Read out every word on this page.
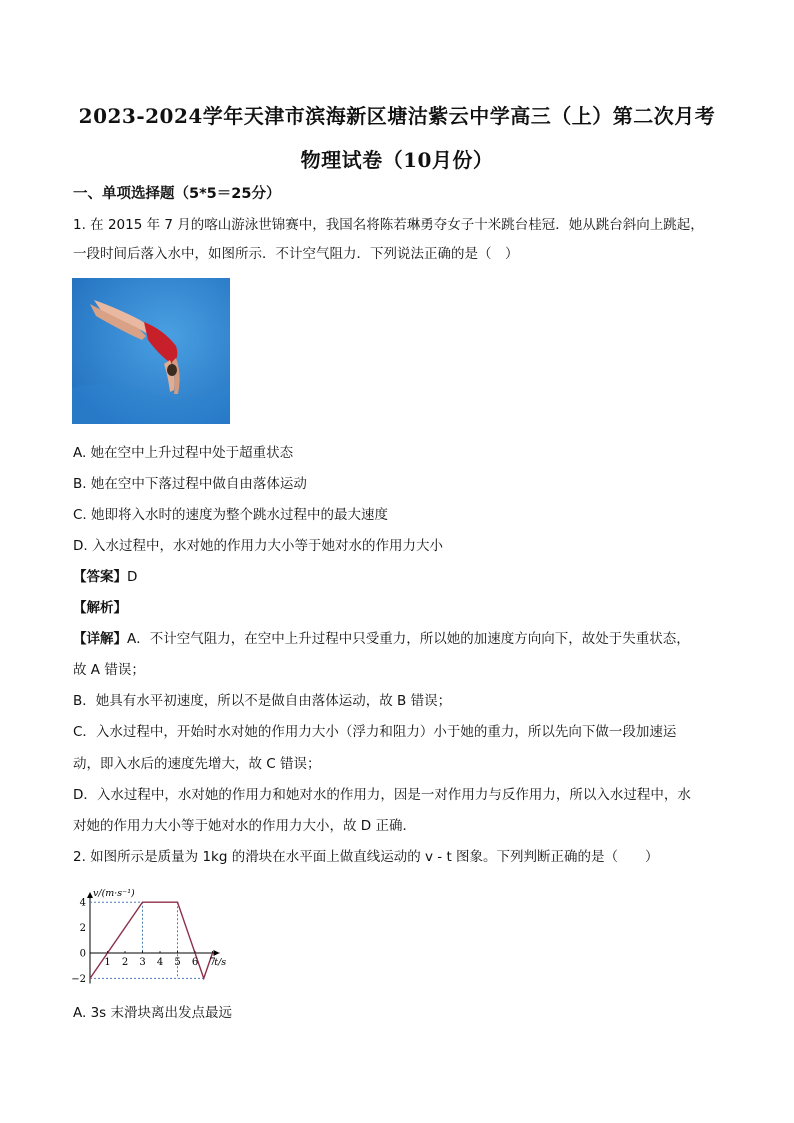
2023-2024学年天津市滨海新区塘沽紫云中学高三（上）第二次月考
物理试卷（10月份）
一、单项选择题（5*5＝25分）
1. 在 2015 年 7 月的喀山游泳世锦赛中，我国名将陈若琳勇夺女子十米跳台桂冠．她从跳台斜向上跳起，
一段时间后落入水中，如图所示．不计空气阻力．下列说法正确的是（　）
A. 她在空中上升过程中处于超重状态
B. 她在空中下落过程中做自由落体运动
C. 她即将入水时的速度为整个跳水过程中的最大速度
D. 入水过程中，水对她的作用力大小等于她对水的作用力大小
【答案】D
【解析】
【详解】A．不计空气阻力，在空中上升过程中只受重力，所以她的加速度方向向下，故处于失重状态，
故 A 错误；
B．她具有水平初速度，所以不是做自由落体运动，故 B 错误；
C．入水过程中，开始时水对她的作用力大小（浮力和阻力）小于她的重力，所以先向下做一段加速运
动，即入水后的速度先增大，故 C 错误；
D．入水过程中，水对她的作用力和她对水的作用力，因是一对作用力与反作用力，所以入水过程中，水
对她的作用力大小等于她对水的作用力大小，故 D 正确．
2. 如图所示是质量为 1kg 的滑块在水平面上做直线运动的 v - t 图象。下列判断正确的是（　　）
1 2 3 4 5 6 7
4
2
0
−2
v/(m·s⁻¹)
t/s
A. 3s 末滑块离出发点最远
